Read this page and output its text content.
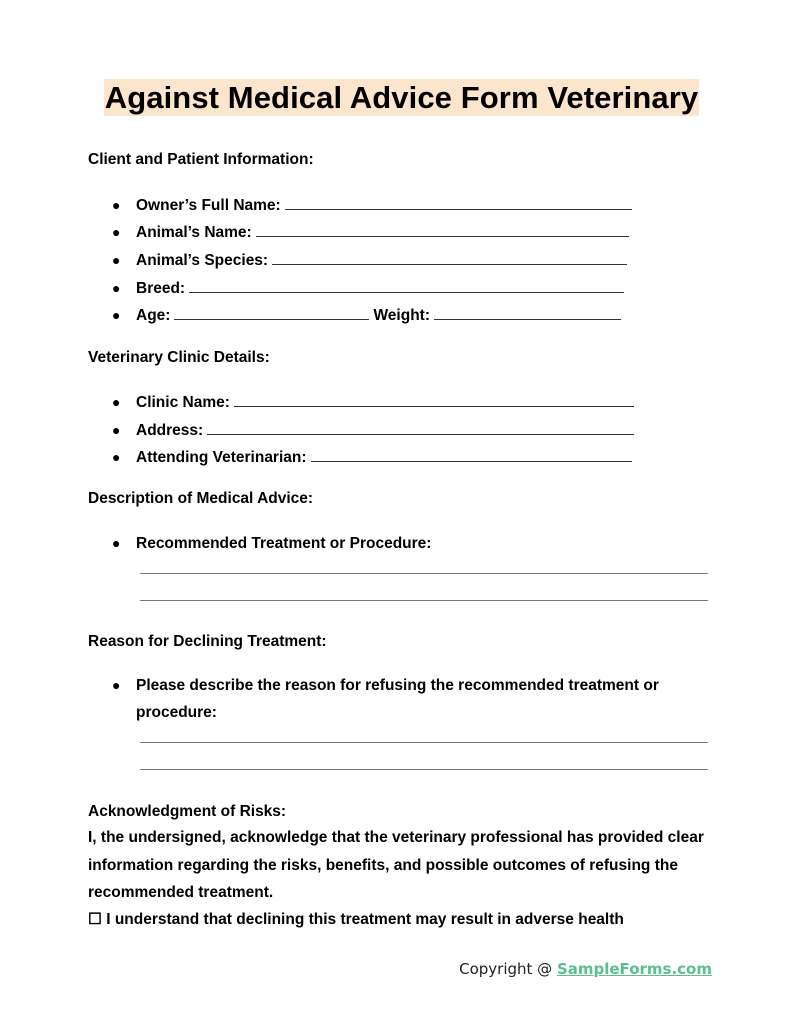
Against Medical Advice Form Veterinary
Client and Patient Information:
● Owner’s Full Name:
● Animal’s Name:
● Animal’s Species:
● Breed:
● Age:	Weight:
Veterinary Clinic Details:
● Clinic Name:
● Address:
● Attending Veterinarian:
Description of Medical Advice:
● Recommended Treatment or Procedure:
Reason for Declining Treatment:
● Please describe the reason for refusing the recommended treatment or
procedure:
Acknowledgment of Risks:
I, the undersigned, acknowledge that the veterinary professional has provided clear information regarding the risks, benefits, and possible outcomes of refusing the recommended treatment.
☐ I understand that declining this treatment may result in adverse health
Copyright @ SampleForms.com
